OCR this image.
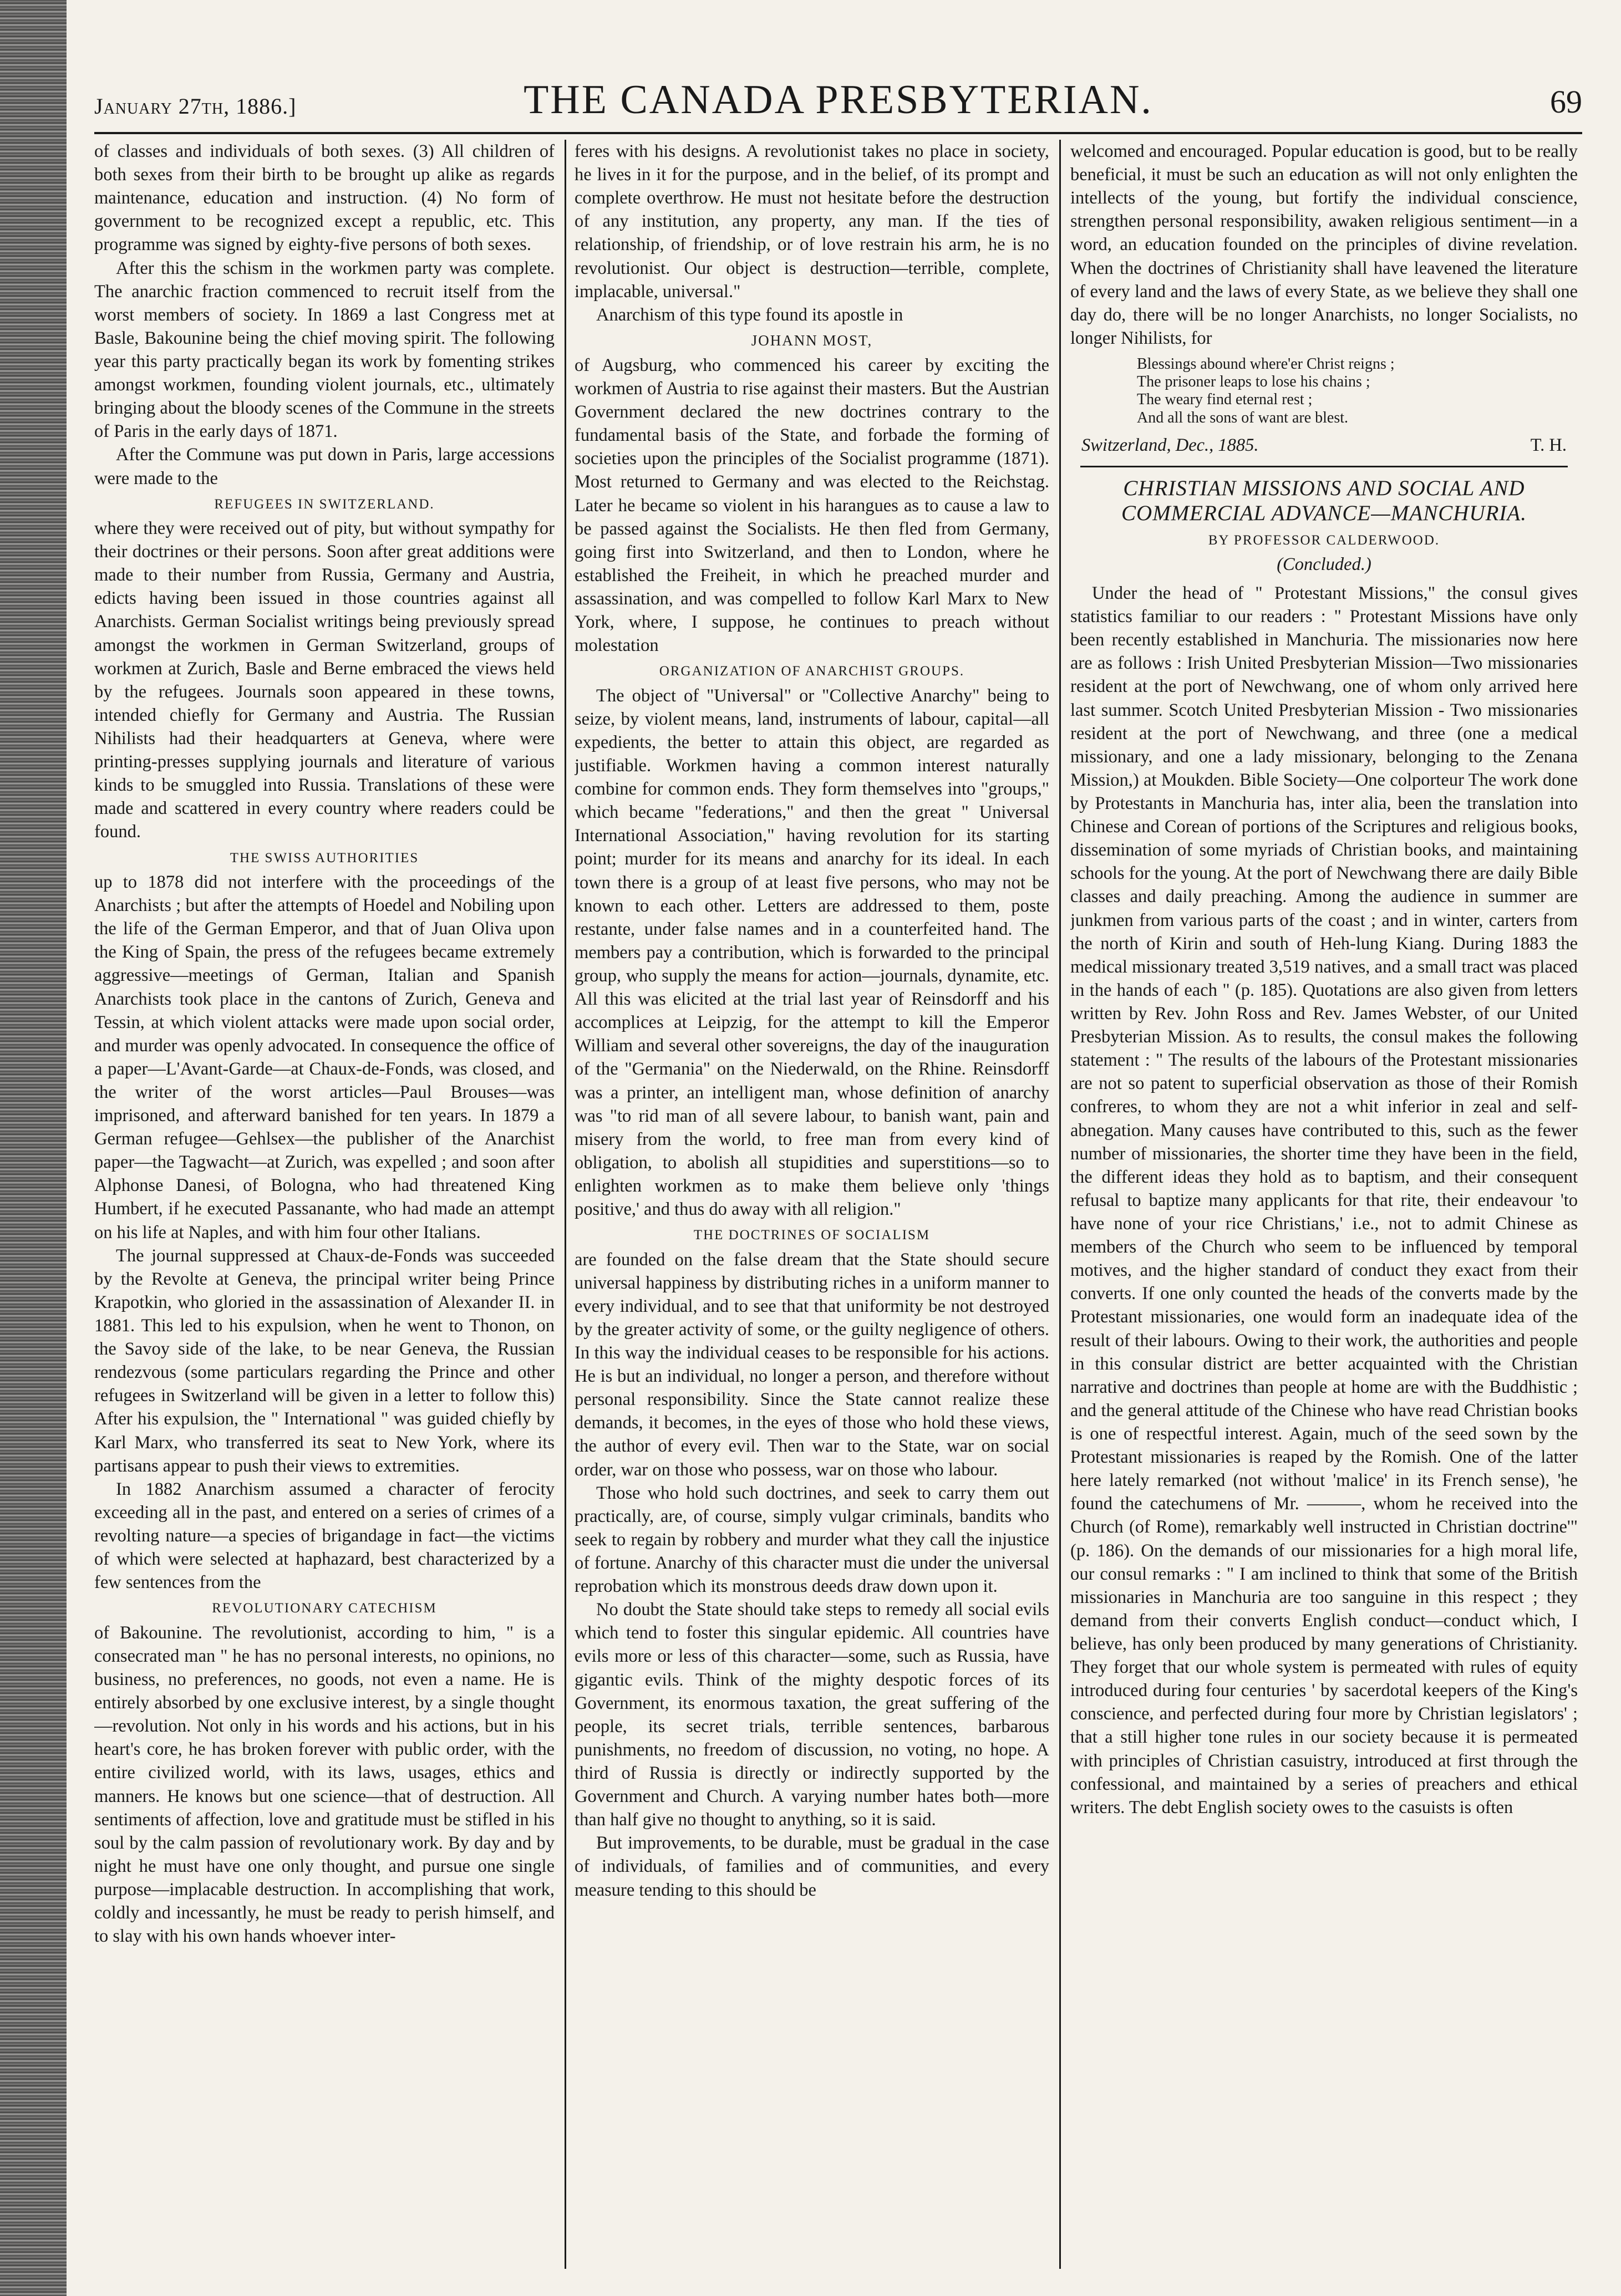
January 27th, 1886.]	THE CANADA PRESBYTERIAN.	69

of classes and individuals of both sexes. (3) All children of both sexes from their birth to be brought up alike as regards maintenance, education and instruction. (4) No form of government to be recognized except a republic, etc. This programme was signed by eighty-five persons of both sexes.

After this the schism in the workmen party was complete. The anarchic fraction commenced to recruit itself from the worst members of society. In 1869 a last Congress met at Basle, Bakounine being the chief moving spirit. The following year this party practically began its work by fomenting strikes amongst workmen, founding violent journals, etc., ultimately bringing about the bloody scenes of the Commune in the streets of Paris in the early days of 1871.

After the Commune was put down in Paris, large accessions were made to the

REFUGEES IN SWITZERLAND.

where they were received out of pity, but without sympathy for their doctrines or their persons. Soon after great additions were made to their number from Russia, Germany and Austria, edicts having been issued in those countries against all Anarchists. German Socialist writings being previously spread amongst the workmen in German Switzerland, groups of workmen at Zurich, Basle and Berne embraced the views held by the refugees. Journals soon appeared in these towns, intended chiefly for Germany and Austria. The Russian Nihilists had their headquarters at Geneva, where were printing-presses supplying journals and literature of various kinds to be smuggled into Russia. Translations of these were made and scattered in every country where readers could be found.

THE SWISS AUTHORITIES

up to 1878 did not interfere with the proceedings of the Anarchists ; but after the attempts of Hoedel and Nobiling upon the life of the German Emperor, and that of Juan Oliva upon the King of Spain, the press of the refugees became extremely aggressive—meetings of German, Italian and Spanish Anarchists took place in the cantons of Zurich, Geneva and Tessin, at which violent attacks were made upon social order, and murder was openly advocated. In consequence the office of a paper—L'Avant-Garde—at Chaux-de-Fonds, was closed, and the writer of the worst articles—Paul Brouses—was imprisoned, and afterward banished for ten years. In 1879 a German refugee—Gehlsex—the publisher of the Anarchist paper—the Tagwacht—at Zurich, was expelled ; and soon after Alphonse Danesi, of Bologna, who had threatened King Humbert, if he executed Passanante, who had made an attempt on his life at Naples, and with him four other Italians.

The journal suppressed at Chaux-de-Fonds was succeeded by the Revolte at Geneva, the principal writer being Prince Krapotkin, who gloried in the assassination of Alexander II. in 1881. This led to his expulsion, when he went to Thonon, on the Savoy side of the lake, to be near Geneva, the Russian rendezvous (some particulars regarding the Prince and other refugees in Switzerland will be given in a letter to follow this) After his expulsion, the " International " was guided chiefly by Karl Marx, who transferred its seat to New York, where its partisans appear to push their views to extremities.

In 1882 Anarchism assumed a character of ferocity exceeding all in the past, and entered on a series of crimes of a revolting nature—a species of brigandage in fact—the victims of which were selected at haphazard, best characterized by a few sentences from the

REVOLUTIONARY CATECHISM

of Bakounine. The revolutionist, according to him, " is a consecrated man " he has no personal interests, no opinions, no business, no preferences, no goods, not even a name. He is entirely absorbed by one exclusive interest, by a single thought—revolution. Not only in his words and his actions, but in his heart's core, he has broken forever with public order, with the entire civilized world, with its laws, usages, ethics and manners. He knows but one science—that of destruction. All sentiments of affection, love and gratitude must be stifled in his soul by the calm passion of revolutionary work. By day and by night he must have one only thought, and pursue one single purpose—implacable destruction. In accomplishing that work, coldly and incessantly, he must be ready to perish himself, and to slay with his own hands whoever inter-

feres with his designs. A revolutionist takes no place in society, he lives in it for the purpose, and in the belief, of its prompt and complete overthrow. He must not hesitate before the destruction of any institution, any property, any man. If the ties of relationship, of friendship, or of love restrain his arm, he is no revolutionist. Our object is destruction—terrible, complete, implacable, universal."

Anarchism of this type found its apostle in

JOHANN MOST,

of Augsburg, who commenced his career by exciting the workmen of Austria to rise against their masters. But the Austrian Government declared the new doctrines contrary to the fundamental basis of the State, and forbade the forming of societies upon the principles of the Socialist programme (1871). Most returned to Germany and was elected to the Reichstag. Later he became so violent in his harangues as to cause a law to be passed against the Socialists. He then fled from Germany, going first into Switzerland, and then to London, where he established the Freiheit, in which he preached murder and assassination, and was compelled to follow Karl Marx to New York, where, I suppose, he continues to preach without molestation

ORGANIZATION OF ANARCHIST GROUPS.

The object of "Universal" or "Collective Anarchy" being to seize, by violent means, land, instruments of labour, capital—all expedients, the better to attain this object, are regarded as justifiable. Workmen having a common interest naturally combine for common ends. They form themselves into "groups," which became "federations," and then the great " Universal International Association," having revolution for its starting point; murder for its means and anarchy for its ideal. In each town there is a group of at least five persons, who may not be known to each other. Letters are addressed to them, poste restante, under false names and in a counterfeited hand. The members pay a contribution, which is forwarded to the principal group, who supply the means for action—journals, dynamite, etc. All this was elicited at the trial last year of Reinsdorff and his accomplices at Leipzig, for the attempt to kill the Emperor William and several other sovereigns, the day of the inauguration of the "Germania" on the Niederwald, on the Rhine. Reinsdorff was a printer, an intelligent man, whose definition of anarchy was "to rid man of all severe labour, to banish want, pain and misery from the world, to free man from every kind of obligation, to abolish all stupidities and superstitions—so to enlighten workmen as to make them believe only 'things positive,' and thus do away with all religion."

THE DOCTRINES OF SOCIALISM

are founded on the false dream that the State should secure universal happiness by distributing riches in a uniform manner to every individual, and to see that that uniformity be not destroyed by the greater activity of some, or the guilty negligence of others. In this way the individual ceases to be responsible for his actions. He is but an individual, no longer a person, and therefore without personal responsibility. Since the State cannot realize these demands, it becomes, in the eyes of those who hold these views, the author of every evil. Then war to the State, war on social order, war on those who possess, war on those who labour.

Those who hold such doctrines, and seek to carry them out practically, are, of course, simply vulgar criminals, bandits who seek to regain by robbery and murder what they call the injustice of fortune. Anarchy of this character must die under the universal reprobation which its monstrous deeds draw down upon it.

No doubt the State should take steps to remedy all social evils which tend to foster this singular epidemic. All countries have evils more or less of this character—some, such as Russia, have gigantic evils. Think of the mighty despotic forces of its Government, its enormous taxation, the great suffering of the people, its secret trials, terrible sentences, barbarous punishments, no freedom of discussion, no voting, no hope. A third of Russia is directly or indirectly supported by the Government and Church. A varying number hates both—more than half give no thought to anything, so it is said.

But improvements, to be durable, must be gradual in the case of individuals, of families and of communities, and every measure tending to this should be

welcomed and encouraged. Popular education is good, but to be really beneficial, it must be such an education as will not only enlighten the intellects of the young, but fortify the individual conscience, strengthen personal responsibility, awaken religious sentiment—in a word, an education founded on the principles of divine revelation. When the doctrines of Christianity shall have leavened the literature of every land and the laws of every State, as we believe they shall one day do, there will be no longer Anarchists, no longer Socialists, no longer Nihilists, for

Blessings abound where'er Christ reigns ;
The prisoner leaps to lose his chains ;
The weary find eternal rest ;
And all the sons of want are blest.
Switzerland, Dec., 1885.	T. H.
CHRISTIAN MISSIONS AND SOCIAL AND COMMERCIAL ADVANCE—MANCHURIA.
BY PROFESSOR CALDERWOOD.
(Concluded.)

Under the head of " Protestant Missions," the consul gives statistics familiar to our readers : " Protestant Missions have only been recently established in Manchuria. The missionaries now here are as follows : Irish United Presbyterian Mission—Two missionaries resident at the port of Newchwang, one of whom only arrived here last summer. Scotch United Presbyterian Mission - Two missionaries resident at the port of Newchwang, and three (one a medical missionary, and one a lady missionary, belonging to the Zenana Mission,) at Moukden. Bible Society—One colporteur The work done by Protestants in Manchuria has, inter alia, been the translation into Chinese and Corean of portions of the Scriptures and religious books, dissemination of some myriads of Christian books, and maintaining schools for the young. At the port of Newchwang there are daily Bible classes and daily preaching. Among the audience in summer are junkmen from various parts of the coast ; and in winter, carters from the north of Kirin and south of Heh-lung Kiang. During 1883 the medical missionary treated 3,519 natives, and a small tract was placed in the hands of each " (p. 185). Quotations are also given from letters written by Rev. John Ross and Rev. James Webster, of our United Presbyterian Mission. As to results, the consul makes the following statement : " The results of the labours of the Protestant missionaries are not so patent to superficial observation as those of their Romish confreres, to whom they are not a whit inferior in zeal and self-abnegation. Many causes have contributed to this, such as the fewer number of missionaries, the shorter time they have been in the field, the different ideas they hold as to baptism, and their consequent refusal to baptize many applicants for that rite, their endeavour 'to have none of your rice Christians,' i.e., not to admit Chinese as members of the Church who seem to be influenced by temporal motives, and the higher standard of conduct they exact from their converts. If one only counted the heads of the converts made by the Protestant missionaries, one would form an inadequate idea of the result of their labours. Owing to their work, the authorities and people in this consular district are better acquainted with the Christian narrative and doctrines than people at home are with the Buddhistic ; and the general attitude of the Chinese who have read Christian books is one of respectful interest. Again, much of the seed sown by the Protestant missionaries is reaped by the Romish. One of the latter here lately remarked (not without 'malice' in its French sense), 'he found the catechumens of Mr. ———, whom he received into the Church (of Rome), remarkably well instructed in Christian doctrine'" (p. 186). On the demands of our missionaries for a high moral life, our consul remarks : " I am inclined to think that some of the British missionaries in Manchuria are too sanguine in this respect ; they demand from their converts English conduct—conduct which, I believe, has only been produced by many generations of Christianity. They forget that our whole system is permeated with rules of equity introduced during four centuries ' by sacerdotal keepers of the King's conscience, and perfected during four more by Christian legislators' ; that a still higher tone rules in our society because it is permeated with principles of Christian casuistry, introduced at first through the confessional, and maintained by a series of preachers and ethical writers. The debt English society owes to the casuists is often
